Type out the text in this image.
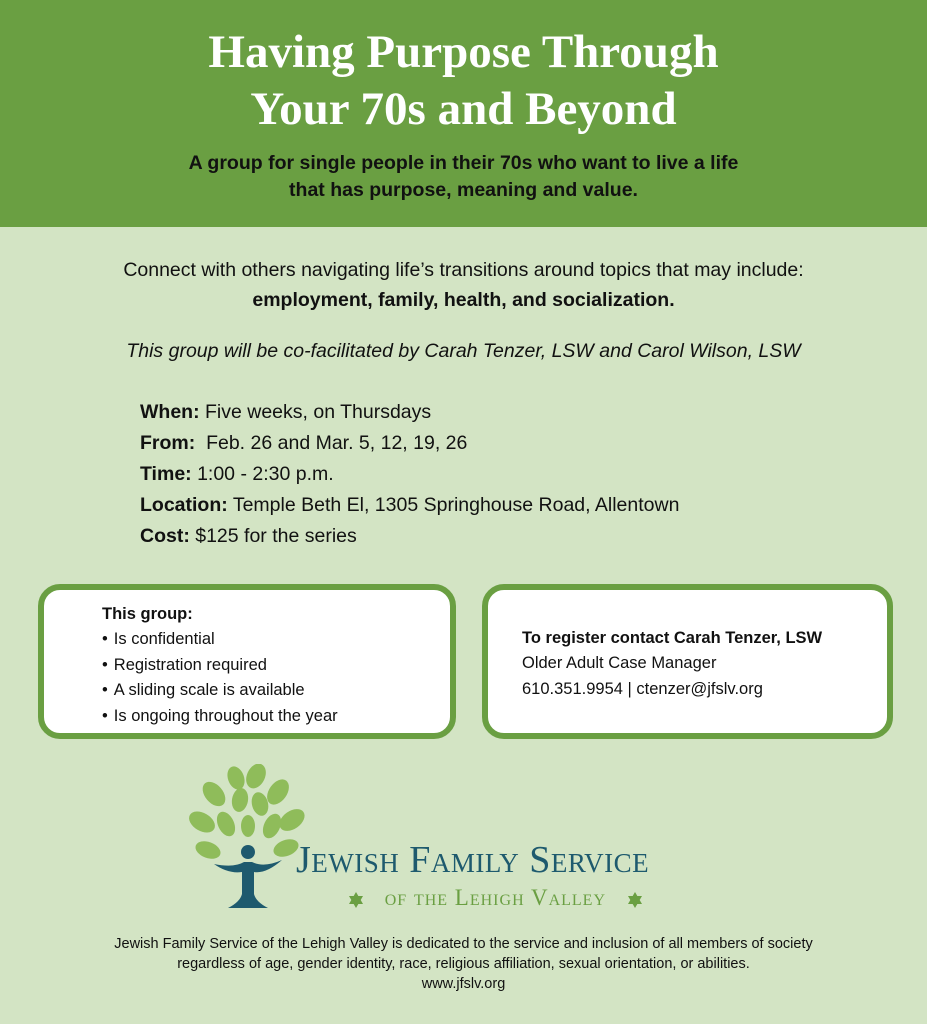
Having Purpose Through
Your 70s and Beyond
A group for single people in their 70s who want to live a life
that has purpose, meaning and value.
Connect with others navigating life’s transitions around topics that may include:
employment, family, health, and socialization.
This group will be co-facilitated by Carah Tenzer, LSW and Carol Wilson, LSW
When: Five weeks, on Thursdays
From:  Feb. 26 and Mar. 5, 12, 19, 26
Time: 1:00 - 2:30 p.m.
Location: Temple Beth El, 1305 Springhouse Road, Allentown
Cost: $125 for the series
This group:
• Is confidential
• Registration required
• A sliding scale is available
• Is ongoing throughout the year
To register contact Carah Tenzer, LSW
Older Adult Case Manager
610.351.9954 | ctenzer@jfslv.org
Jewish Family Service
of the Lehigh Valley
Jewish Family Service of the Lehigh Valley is dedicated to the service and inclusion of all members of society
regardless of age, gender identity, race, religious affiliation, sexual orientation, or abilities.
www.jfslv.org
